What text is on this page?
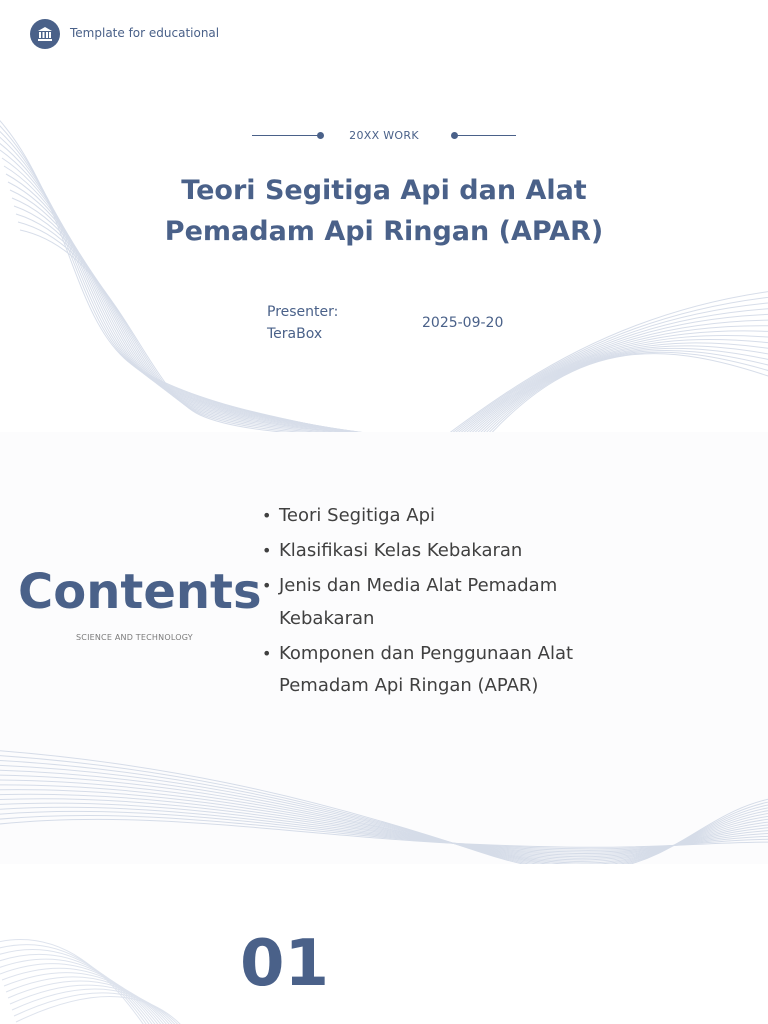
Template for educational
20XX WORK
Teori Segitiga Api dan Alat Pemadam Api Ringan (APAR)
Presenter:
TeraBox
2025-09-20
Contents
SCIENCE AND TECHNOLOGY
• Teori Segitiga Api
• Klasifikasi Kelas Kebakaran
• Jenis dan Media Alat Pemadam Kebakaran
• Komponen dan Penggunaan Alat Pemadam Api Ringan (APAR)
01
